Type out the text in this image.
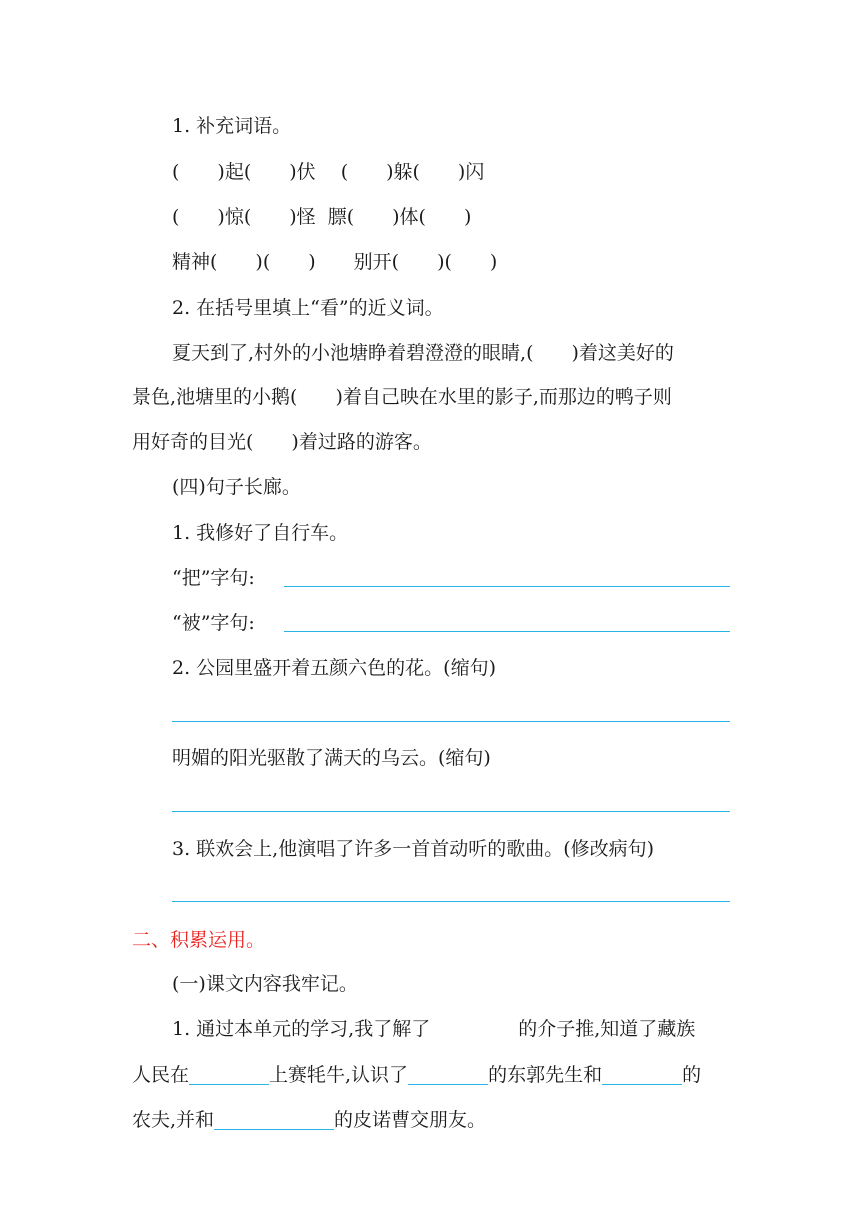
1. 补充词语。

(　　)起(　　)伏　 (　　)躲(　　)闪

(　　)惊(　　)怪  膘(　　)体(　　)

精神(　　)(　　)　　别开(　　)(　　)

2. 在括号里填上“看”的近义词。

夏天到了,村外的小池塘睁着碧澄澄的眼睛,(　　)着这美好的

景色,池塘里的小鹅(　　)着自己映在水里的影子,而那边的鸭子则

用好奇的目光(　　)着过路的游客。

(四)句子长廊。

1. 我修好了自行车。

“把”字句:

“被”字句:

2. 公园里盛开着五颜六色的花。(缩句)

明媚的阳光驱散了满天的乌云。(缩句)

3. 联欢会上,他演唱了许多一首首动听的歌曲。(修改病句)

二、积累运用。

(一)课文内容我牢记。

1. 通过本单元的学习,我了解了	的介子推,知道了藏族

人民在	上赛牦牛,认识了	的东郭先生和	的

农夫,并和	的皮诺曹交朋友。
